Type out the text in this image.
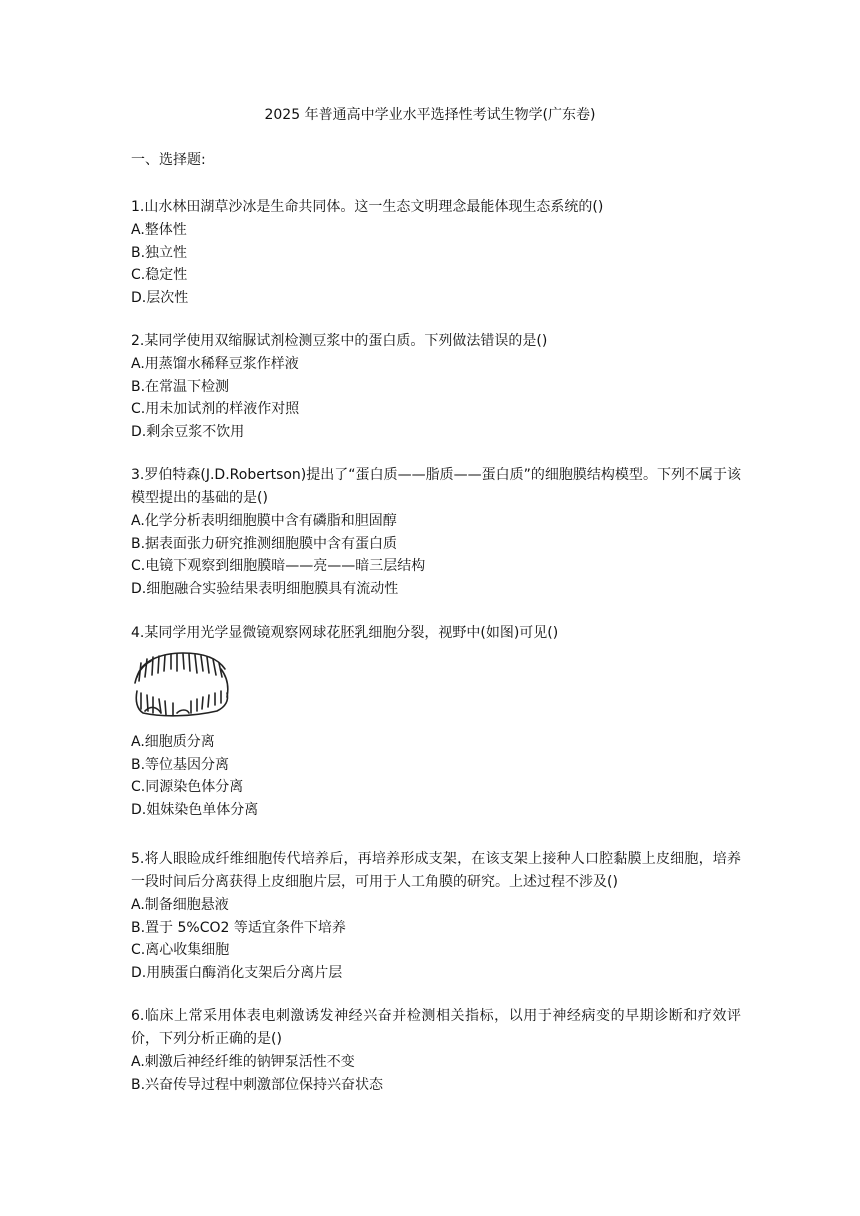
2025 年普通高中学业水平选择性考试生物学(广东卷)
一、选择题:

1.山水林田湖草沙冰是生命共同体。这一生态文明理念最能体现生态系统的()

A.整体性
B.独立性
C.稳定性
D.层次性

2.某同学使用双缩脲试剂检测豆浆中的蛋白质。下列做法错误的是()

A.用蒸馏水稀释豆浆作样液
B.在常温下检测
C.用未加试剂的样液作对照
D.剩余豆浆不饮用

3.罗伯特森(J.D.Robertson)提出了“蛋白质——脂质——蛋白质”的细胞膜结构模型。下列不属于该模型提出的基础的是()

A.化学分析表明细胞膜中含有磷脂和胆固醇
B.据表面张力研究推测细胞膜中含有蛋白质
C.电镜下观察到细胞膜暗——亮——暗三层结构
D.细胞融合实验结果表明细胞膜具有流动性

4.某同学用光学显微镜观察网球花胚乳细胞分裂，视野中(如图)可见()

A.细胞质分离
B.等位基因分离
C.同源染色体分离
D.姐妹染色单体分离

5.将人眼睑成纤维细胞传代培养后，再培养形成支架，在该支架上接种人口腔黏膜上皮细胞，培养一段时间后分离获得上皮细胞片层，可用于人工角膜的研究。上述过程不涉及()

A.制备细胞悬液
B.置于 5%CO2 等适宜条件下培养
C.离心收集细胞
D.用胰蛋白酶消化支架后分离片层

6.临床上常采用体表电刺激诱发神经兴奋并检测相关指标，以用于神经病变的早期诊断和疗效评价，下列分析正确的是()

A.刺激后神经纤维的钠钾泵活性不变
B.兴奋传导过程中刺激部位保持兴奋状态
